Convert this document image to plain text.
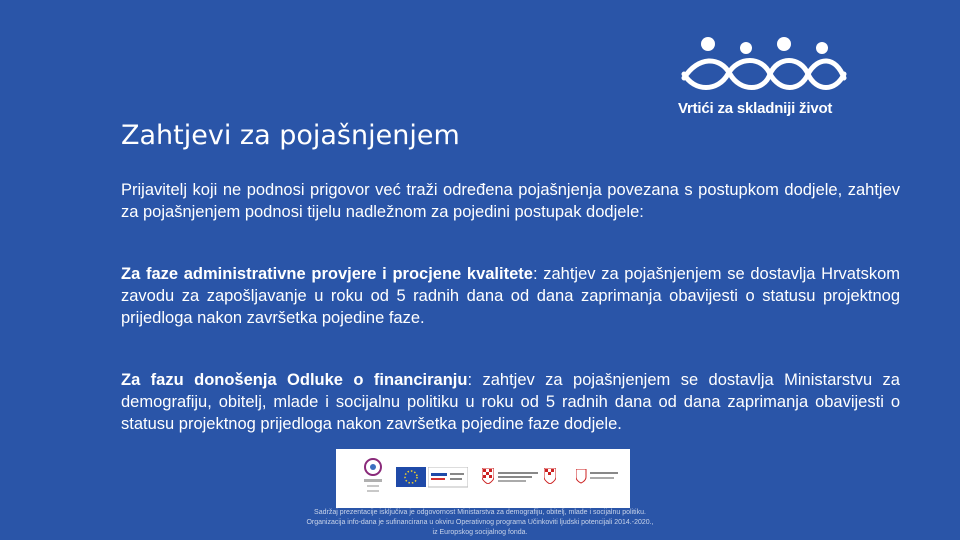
Vrtići za skladniji život
Zahtjevi za pojašnjenjem

Prijavitelj koji ne podnosi prigovor već traži određena pojašnjenja povezana s postupkom dodjele, zahtjev za pojašnjenjem podnosi tijelu nadležnom za pojedini postupak dodjele:

Za faze administrativne provjere i procjene kvalitete: zahtjev za pojašnjenjem se dostavlja Hrvatskom zavodu za zapošljavanje u roku od 5 radnih dana od dana zaprimanja obavijesti o statusu projektnog prijedloga nakon završetka pojedine faze.

Za fazu donošenja Odluke o financiranju: zahtjev za pojašnjenjem se dostavlja Ministarstvu za demografiju, obitelj, mlade i socijalnu politiku u roku od 5 radnih dana od dana zaprimanja obavijesti o statusu projektnog prijedloga nakon završetka pojedine faze dodjele.

Sadržaj prezentacije isključiva je odgovornost Ministarstva za demografiju, obitelj, mlade i socijalnu politiku.
Organizacija info-dana je sufinancirana u okviru Operativnog programa Učinkoviti ljudski potencijali 2014.-2020.,
iz Europskog socijalnog fonda.
